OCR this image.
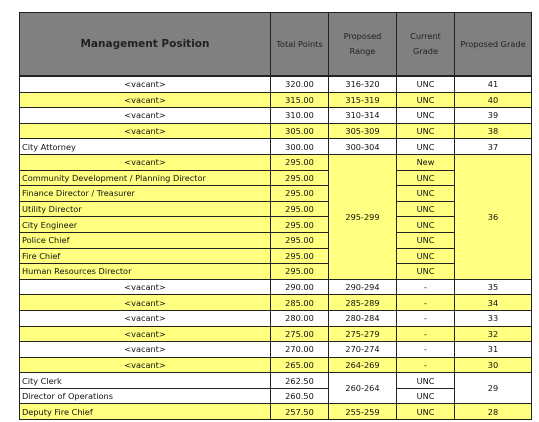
Management Position	Total Points	Proposed Range	Current Grade	Proposed Grade
<vacant>	320.00	316-320	UNC	41
<vacant>	315.00	315-319	UNC	40
<vacant>	310.00	310-314	UNC	39
<vacant>	305.00	305-309	UNC	38
City Attorney	300.00	300-304	UNC	37
<vacant>	295.00	295-299	New	36
Community Development / Planning Director	295.00		UNC	
Finance Director / Treasurer	295.00		UNC	
Utility Director	295.00		UNC	
City Engineer	295.00		UNC	
Police Chief	295.00		UNC	
Fire Chief	295.00		UNC	
Human Resources Director	295.00		UNC	
<vacant>	290.00	290-294	-	35
<vacant>	285.00	285-289	-	34
<vacant>	280.00	280-284	-	33
<vacant>	275.00	275-279	-	32
<vacant>	270.00	270-274	-	31
<vacant>	265.00	264-269	-	30
City Clerk	262.50	260-264	UNC	29
Director of Operations	260.50		UNC	
Deputy Fire Chief	257.50	255-259	UNC	28
